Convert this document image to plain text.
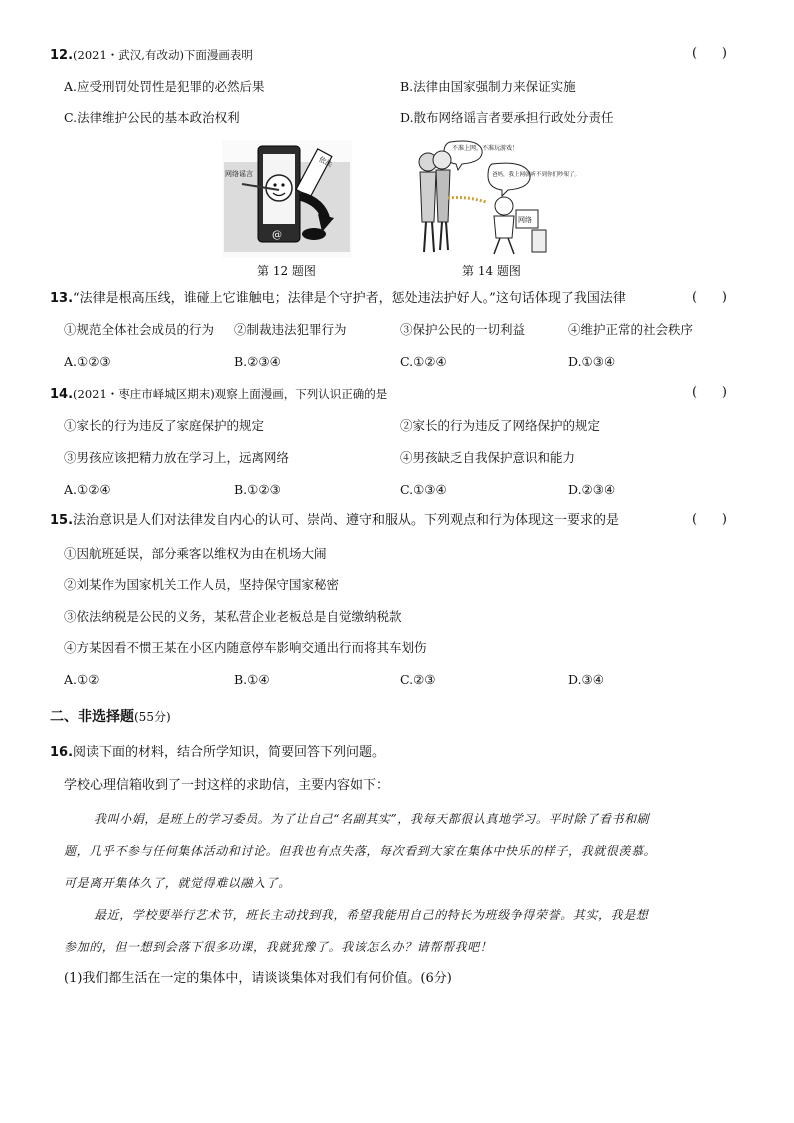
12.(2021・武汉,有改动)下面漫画表明	(      )
A.应受刑罚处罚性是犯罪的必然后果	B.法律由国家强制力来保证实施
C.法律维护公民的基本政治权利	D.散布网络谣言者要承担行政处分责任
网络谣言
@
依法
第 12 题图
不准上网，不准玩游戏！
爸妈，我上网就听不到你们吵架了。
网络
第 14 题图
13.“法律是根高压线，谁碰上它谁触电；法律是个守护者，惩处违法护好人。”这句话体现了我国法律	(      )
①规范全体社会成员的行为 ②制裁违法犯罪行为	③保护公民的一切利益	④维护正常的社会秩序
A.①②③	B.②③④	C.①②④	D.①③④
14.(2021・枣庄市峄城区期末)观察上面漫画，下列认识正确的是	(      )
①家长的行为违反了家庭保护的规定	②家长的行为违反了网络保护的规定
③男孩应该把精力放在学习上，远离网络	④男孩缺乏自我保护意识和能力
A.①②④	B.①②③	C.①③④	D.②③④
15.法治意识是人们对法律发自内心的认可、崇尚、遵守和服从。下列观点和行为体现这一要求的是	(      )
①因航班延误，部分乘客以维权为由在机场大闹
②刘某作为国家机关工作人员，坚持保守国家秘密
③依法纳税是公民的义务，某私营企业老板总是自觉缴纳税款
④方某因看不惯王某在小区内随意停车影响交通出行而将其车划伤
A.①②	B.①④	C.②③	D.③④
二、非选择题(55分)
16.阅读下面的材料，结合所学知识，简要回答下列问题。
学校心理信箱收到了一封这样的求助信，主要内容如下：
我叫小娟，是班上的学习委员。为了让自己“名副其实”，我每天都很认真地学习。平时除了看书和刷
题，几乎不参与任何集体活动和讨论。但我也有点失落，每次看到大家在集体中快乐的样子，我就很羡慕。
可是离开集体久了，就觉得难以融入了。
最近，学校要举行艺术节，班长主动找到我，希望我能用自己的特长为班级争得荣誉。其实，我是想
参加的，但一想到会落下很多功课，我就犹豫了。我该怎么办？请帮帮我吧！
(1)我们都生活在一定的集体中，请谈谈集体对我们有何价值。(6分)
